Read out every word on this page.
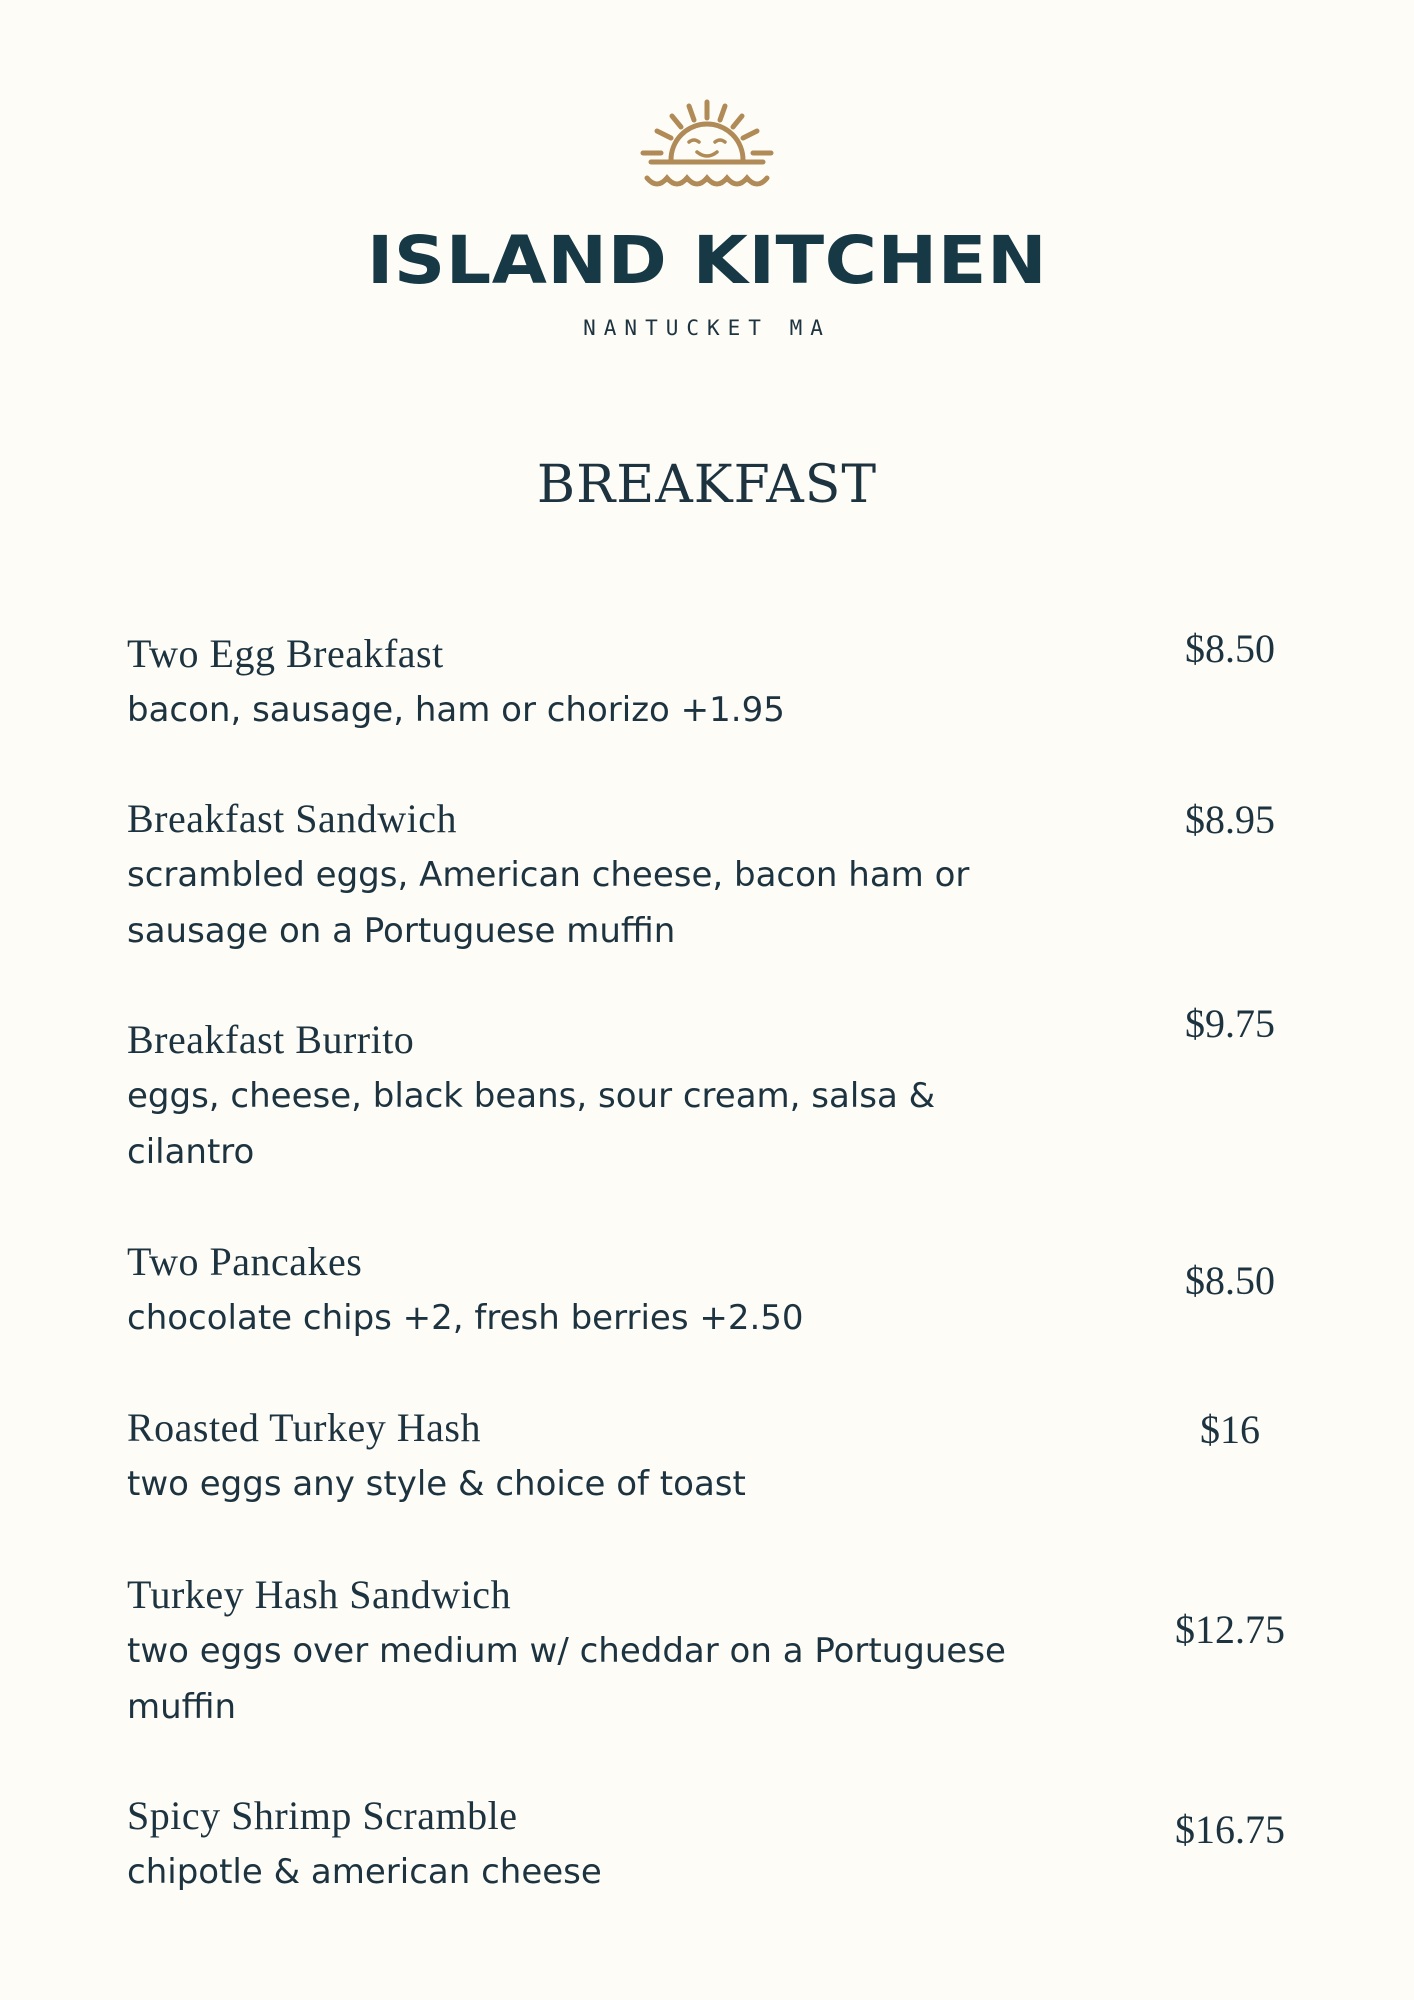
ISLAND KITCHEN
NANTUCKET MA
BREAKFAST
Two Egg Breakfast
bacon, sausage, ham or chorizo +1.95
$8.50
Breakfast Sandwich
scrambled eggs, American cheese, bacon ham or sausage on a Portuguese muffin
$8.95
Breakfast Burrito
eggs, cheese, black beans, sour cream, salsa & cilantro
$9.75
Two Pancakes
chocolate chips +2, fresh berries +2.50
$8.50
Roasted Turkey Hash
two eggs any style & choice of toast
$16
Turkey Hash Sandwich
two eggs over medium w/ cheddar on a Portuguese muffin
$12.75
Spicy Shrimp Scramble
chipotle & american cheese
$16.75
